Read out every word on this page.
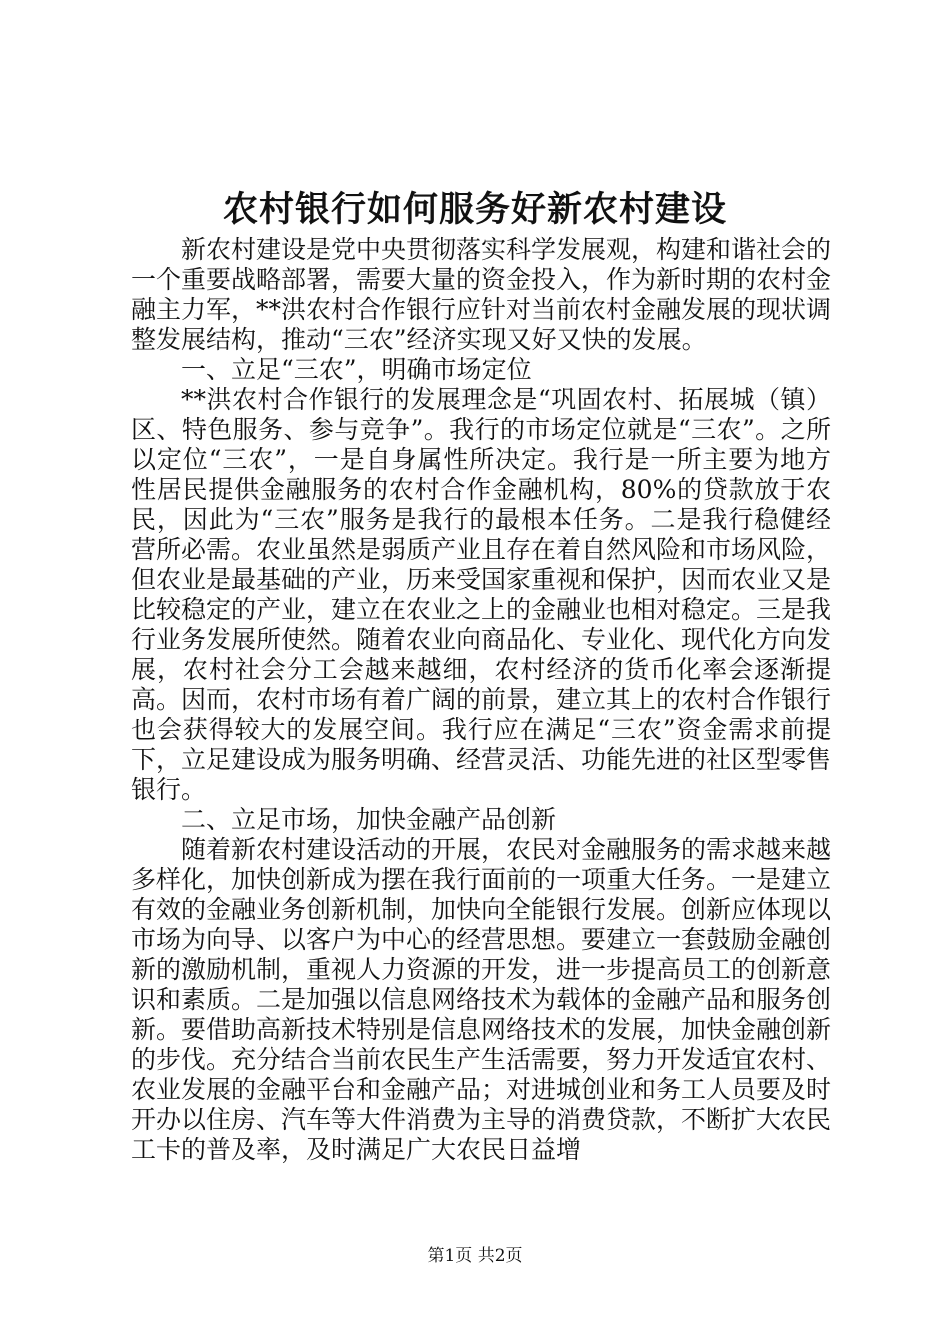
农村银行如何服务好新农村建设

新农村建设是党中央贯彻落实科学发展观，构建和谐社会的一个重要战略部署，需要大量的资金投入，作为新时期的农村金融主力军，**洪农村合作银行应针对当前农村金融发展的现状调整发展结构，推动“三农”经济实现又好又快的发展。

一、立足“三农”，明确市场定位

**洪农村合作银行的发展理念是“巩固农村、拓展城（镇）区、特色服务、参与竞争”。我行的市场定位就是“三农”。之所以定位“三农”，一是自身属性所决定。我行是一所主要为地方性居民提供金融服务的农村合作金融机构，80%的贷款放于农民，因此为“三农”服务是我行的最根本任务。二是我行稳健经营所必需。农业虽然是弱质产业且存在着自然风险和市场风险，但农业是最基础的产业，历来受国家重视和保护，因而农业又是比较稳定的产业，建立在农业之上的金融业也相对稳定。三是我行业务发展所使然。随着农业向商品化、专业化、现代化方向发展，农村社会分工会越来越细，农村经济的货币化率会逐渐提高。因而，农村市场有着广阔的前景，建立其上的农村合作银行也会获得较大的发展空间。我行应在满足“三农”资金需求前提下，立足建设成为服务明确、经营灵活、功能先进的社区型零售银行。

二、立足市场，加快金融产品创新

随着新农村建设活动的开展，农民对金融服务的需求越来越多样化，加快创新成为摆在我行面前的一项重大任务。一是建立有效的金融业务创新机制，加快向全能银行发展。创新应体现以市场为向导、以客户为中心的经营思想。要建立一套鼓励金融创新的激励机制，重视人力资源的开发，进一步提高员工的创新意识和素质。二是加强以信息网络技术为载体的金融产品和服务创新。要借助高新技术特别是信息网络技术的发展，加快金融创新的步伐。充分结合当前农民生产生活需要，努力开发适宜农村、农业发展的金融平台和金融产品；对进城创业和务工人员要及时开办以住房、汽车等大件消费为主导的消费贷款，不断扩大农民工卡的普及率，及时满足广大农民日益增

第1页 共2页
